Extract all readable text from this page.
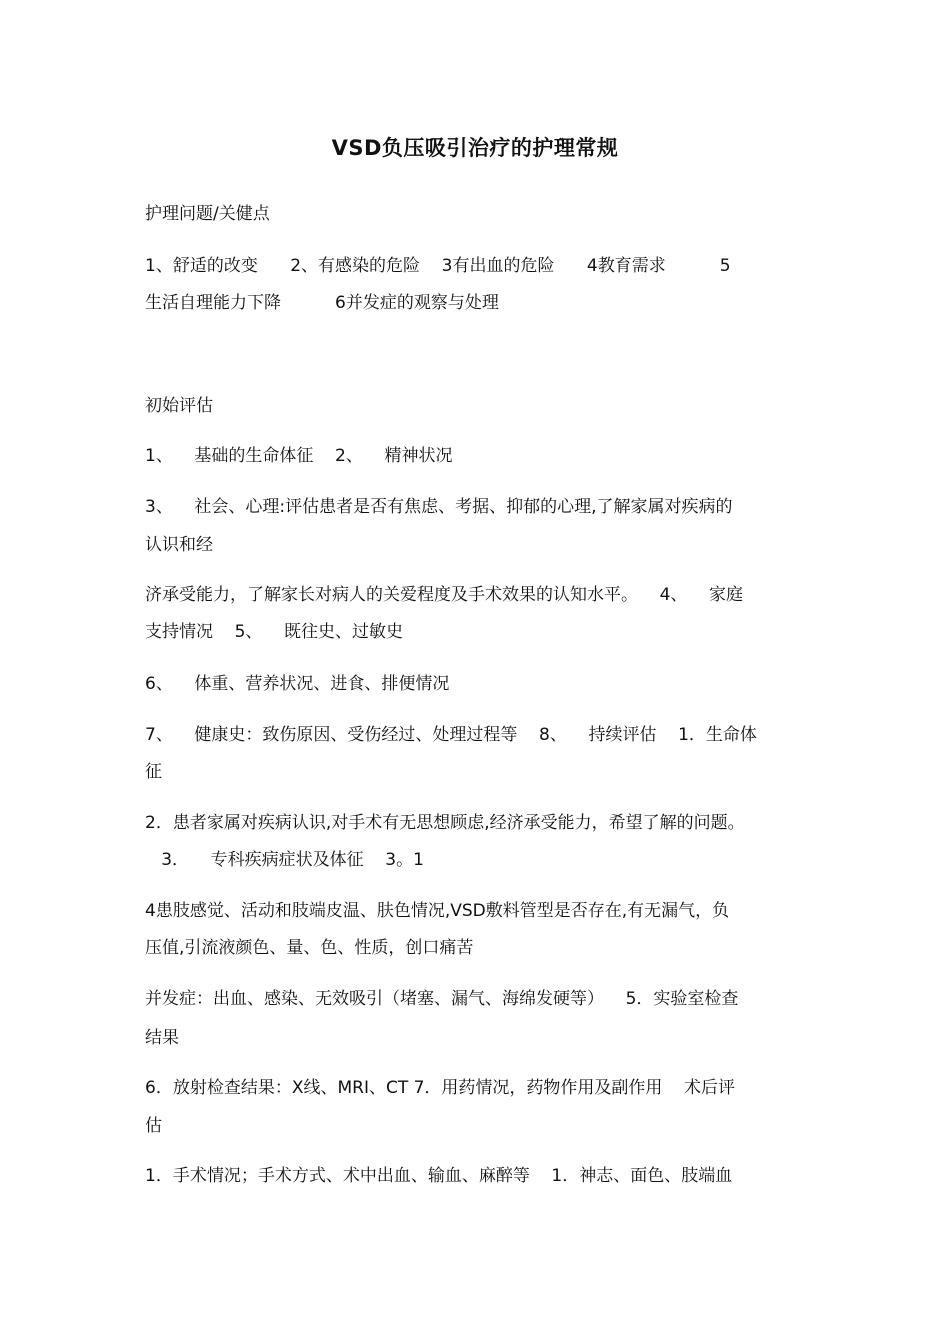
VSD负压吸引治疗的护理常规
护理问题/关健点
1、舒适的改变      2、有感染的危险    3有出血的危险      4教育需求          5
生活自理能力下降          6并发症的观察与处理
初始评估
1、    基础的生命体征    2、    精神状况
3、    社会、心理:评估患者是否有焦虑、考据、抑郁的心理,了解家属对疾病的
认识和经
济承受能力，了解家长对病人的关爱程度及手术效果的认知水平。    4、    家庭
支持情况    5、    既往史、过敏史
6、    体重、营养状况、进食、排便情况
7、    健康史：致伤原因、受伤经过、处理过程等    8、    持续评估    1．生命体
征
2．患者家属对疾病认识,对手术有无思想顾虑,经济承受能力，希望了解的问题。
3．    专科疾病症状及体征    3。1
4患肢感觉、活动和肢端皮温、肤色情况,VSD敷料管型是否存在,有无漏气，负
压值,引流液颜色、量、色、性质，创口痛苦
并发症：出血、感染、无效吸引（堵塞、漏气、海绵发硬等）    5．实验室检查
结果
6．放射检查结果：X线、MRI、CT 7．用药情况，药物作用及副作用    术后评
估
1．手术情况；手术方式、术中出血、输血、麻醉等    1．神志、面色、肢端血
